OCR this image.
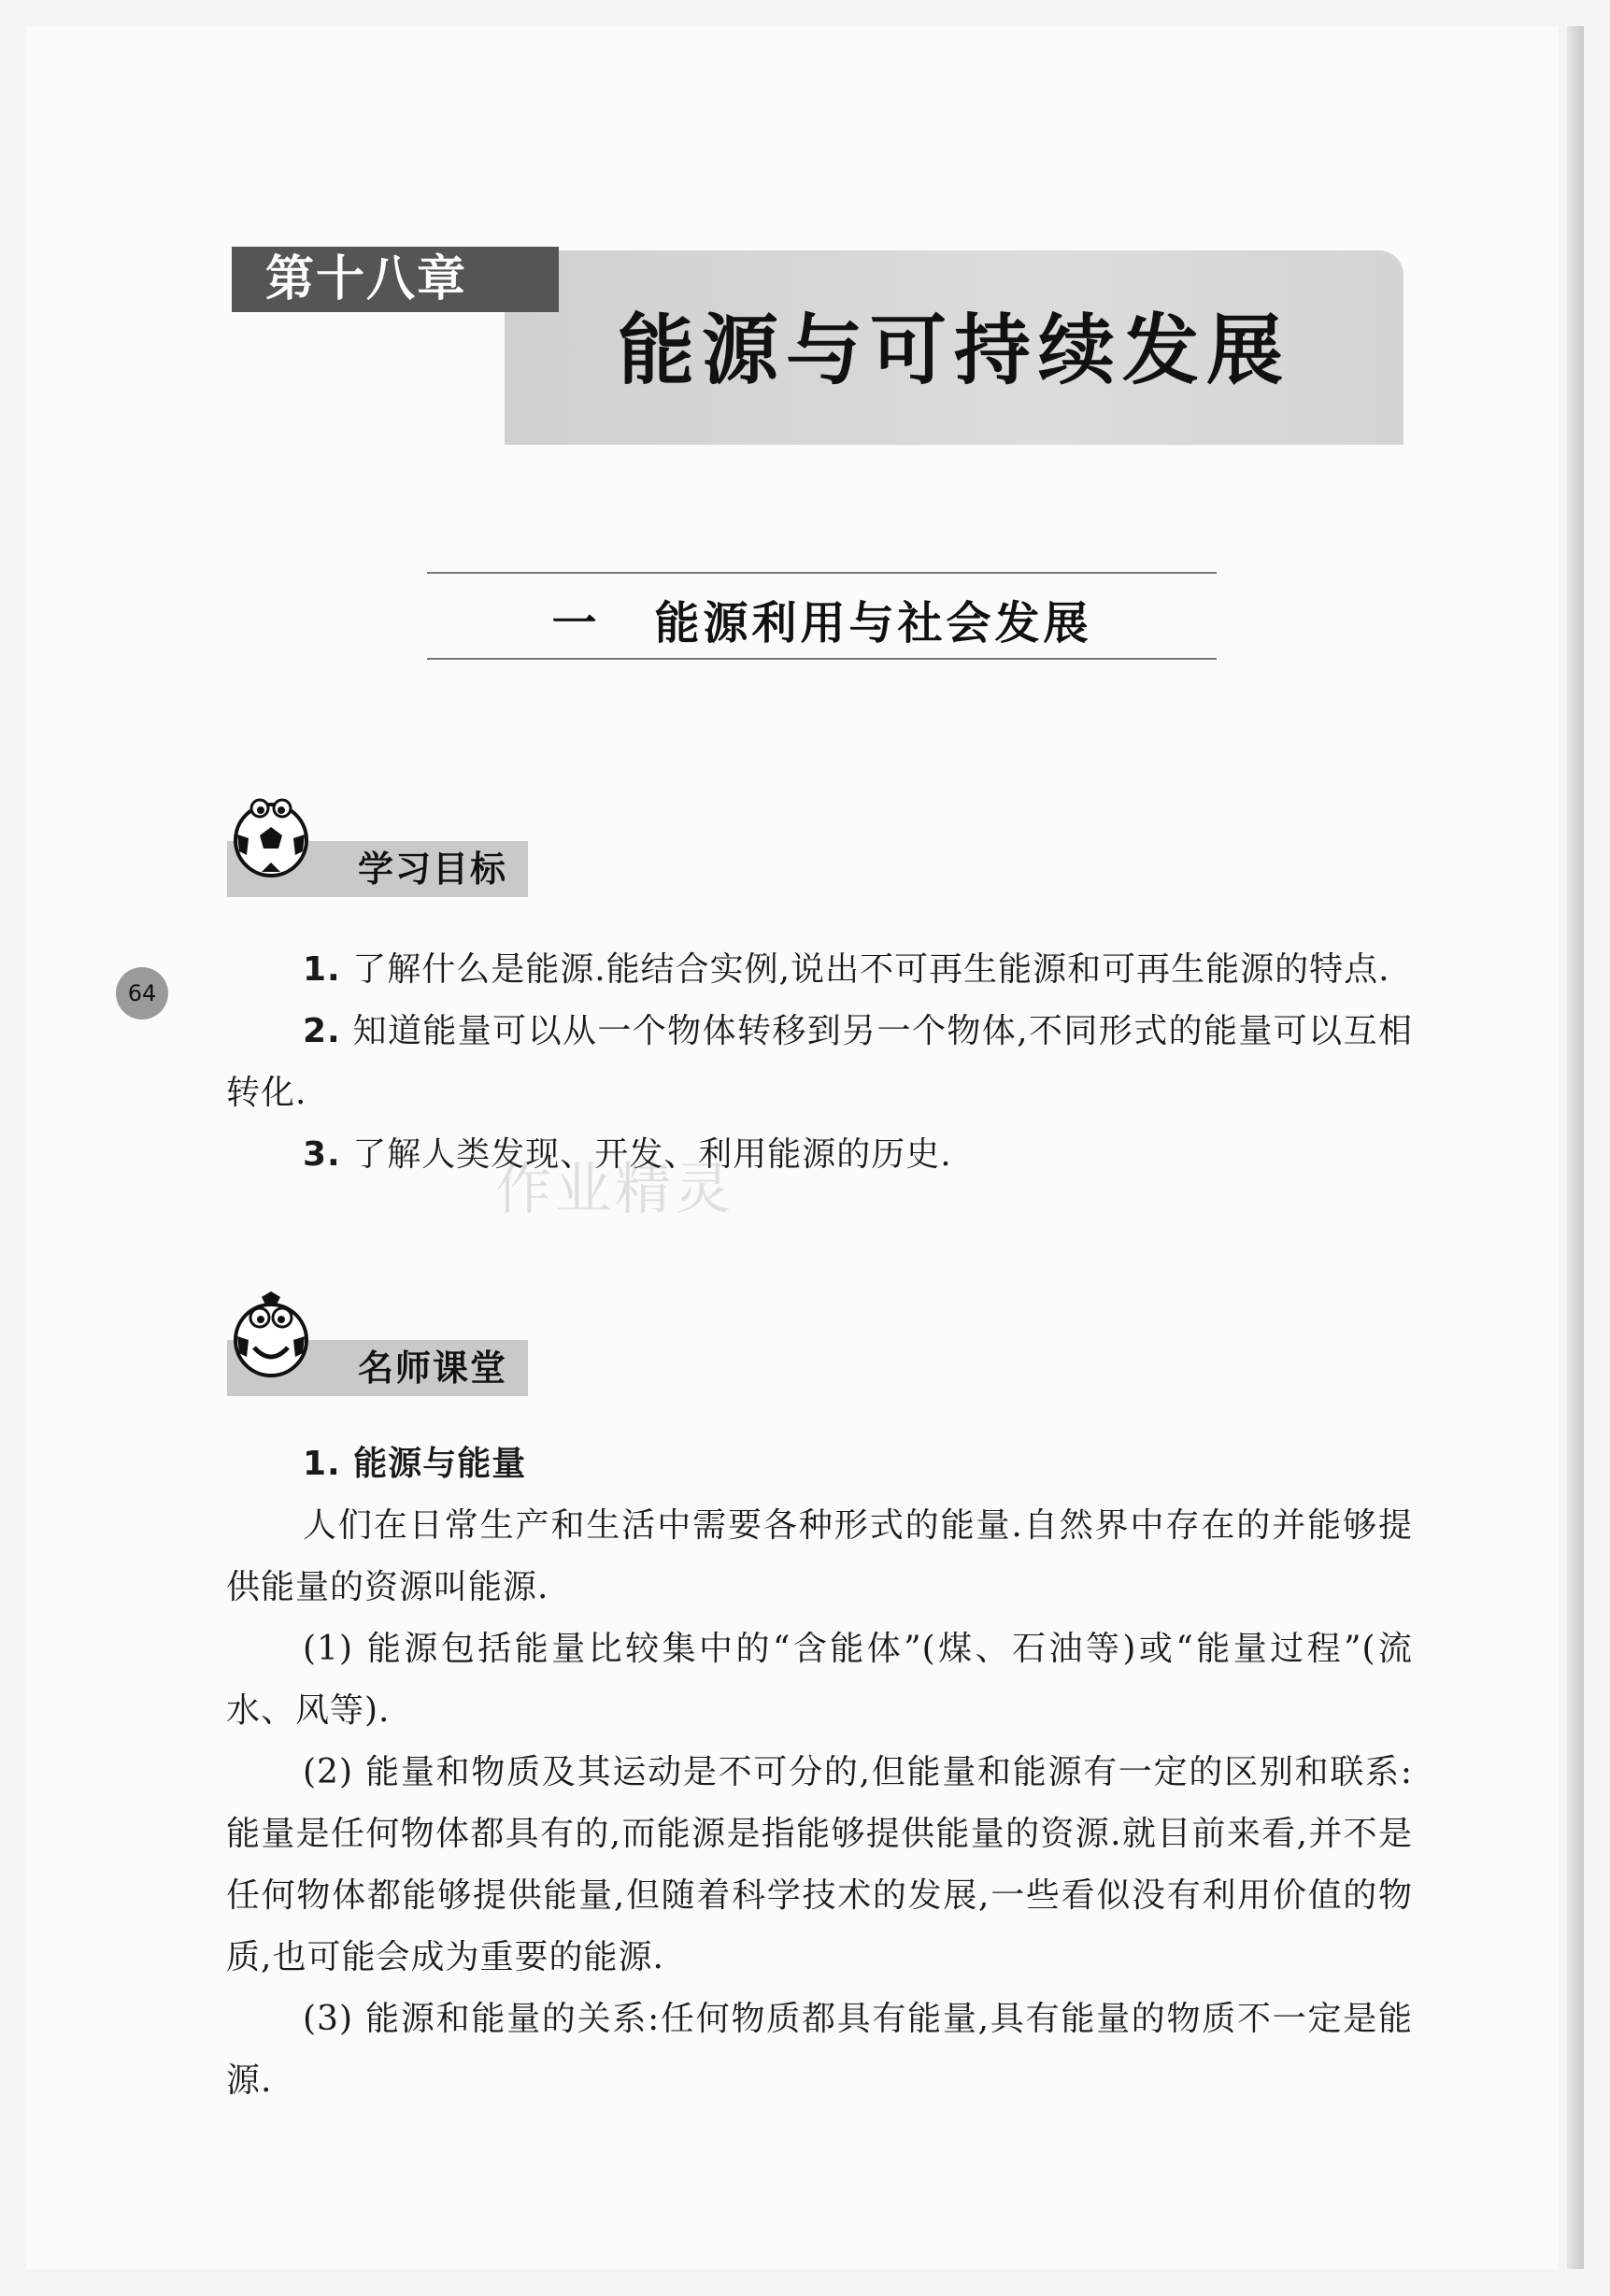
第十八章
能源与可持续发展
一 能源利用与社会发展
学习目标
64

1. 了解什么是能源.能结合实例,说出不可再生能源和可再生能源的特点.

2. 知道能量可以从一个物体转移到另一个物体,不同形式的能量可以互相转化.

3. 了解人类发现、开发、利用能源的历史.

作业精灵
名师课堂

1. 能源与能量

人们在日常生产和生活中需要各种形式的能量.自然界中存在的并能够提供能量的资源叫能源.

(1) 能源包括能量比较集中的“含能体”(煤、石油等)或“能量过程”(流水、风等).

(2) 能量和物质及其运动是不可分的,但能量和能源有一定的区别和联系:能量是任何物体都具有的,而能源是指能够提供能量的资源.就目前来看,并不是任何物体都能够提供能量,但随着科学技术的发展,一些看似没有利用价值的物质,也可能会成为重要的能源.

(3) 能源和能量的关系:任何物质都具有能量,具有能量的物质不一定是能源.
